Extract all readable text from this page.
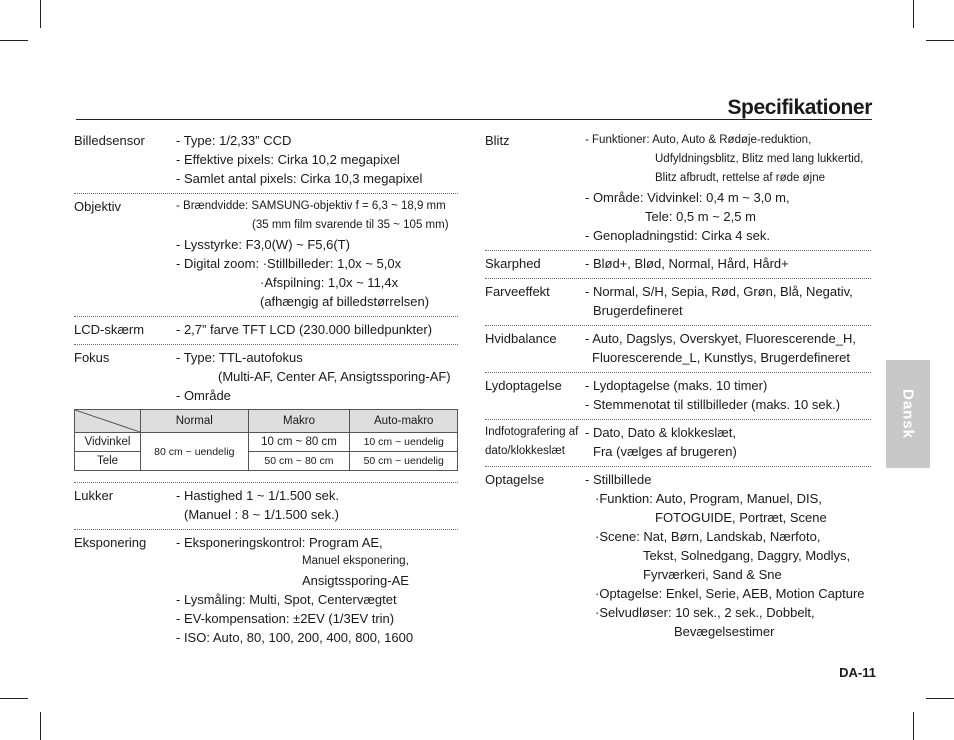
Specifikationer
Billedsensor	- Type: 1/2,33” CCD
- Effektive pixels: Cirka 10,2 megapixel
- Samlet antal pixels: Cirka 10,3 megapixel
Objektiv	- Brændvidde: SAMSUNG-objektiv f = 6,3 ~ 18,9 mm
(35 mm film svarende til 35 ~ 105 mm)
- Lysstyrke: F3,0(W) ~ F5,6(T)
- Digital zoom: ·Stillbilleder: 1,0x ~ 5,0x
·Afspilning: 1,0x ~ 11,4x
(afhængig af billedstørrelsen)
LCD-skærm	- 2,7” farve TFT LCD (230.000 billedpunkter)
Fokus	- Type: TTL-autofokus
(Multi-AF, Center AF, Ansigtssporing-AF)
- Område
	Normal	Makro	Auto-makro
Vidvinkel	80 cm ~ uendelig	10 cm ~ 80 cm	10 cm ~ uendelig
Tele		50 cm ~ 80 cm	50 cm ~ uendelig
Lukker	- Hastighed 1 ~ 1/1.500 sek.
(Manuel : 8 ~ 1/1.500 sek.)
Eksponering	- Eksponeringskontrol: Program AE,
Manuel eksponering,
Ansigtssporing-AE
- Lysmåling: Multi, Spot, Centervægtet
- EV-kompensation: ±2EV (1/3EV trin)
- ISO: Auto, 80, 100, 200, 400, 800, 1600
Blitz	- Funktioner: Auto, Auto & Rødøje-reduktion,
Udfyldningsblitz, Blitz med lang lukkertid,
Blitz afbrudt, rettelse af røde øjne
- Område: Vidvinkel: 0,4 m ~ 3,0 m,
Tele: 0,5 m ~ 2,5 m
- Genopladningstid: Cirka 4 sek.
Skarphed	- Blød+, Blød, Normal, Hård, Hård+
Farveeffekt	- Normal, S/H, Sepia, Rød, Grøn, Blå, Negativ,
Brugerdefineret
Hvidbalance	- Auto, Dagslys, Overskyet, Fluorescerende_H,
Fluorescerende_L, Kunstlys, Brugerdefineret
Lydoptagelse	- Lydoptagelse (maks. 10 timer)
- Stemmenotat til stillbilleder (maks. 10 sek.)
Indfotografering af dato/klokkeslæt
- Dato, Dato & klokkeslæt,
Fra (vælges af brugeren)
Optagelse	- Stillbillede
·Funktion: Auto, Program, Manuel, DIS,
FOTOGUIDE, Portræt, Scene
·Scene: Nat, Børn, Landskab, Nærfoto,
Tekst, Solnedgang, Daggry, Modlys,
Fyrværkeri, Sand & Sne
·Optagelse: Enkel, Serie, AEB, Motion Capture
·Selvudløser: 10 sek., 2 sek., Dobbelt,
Bevægelsestimer
Dansk
DA-11
